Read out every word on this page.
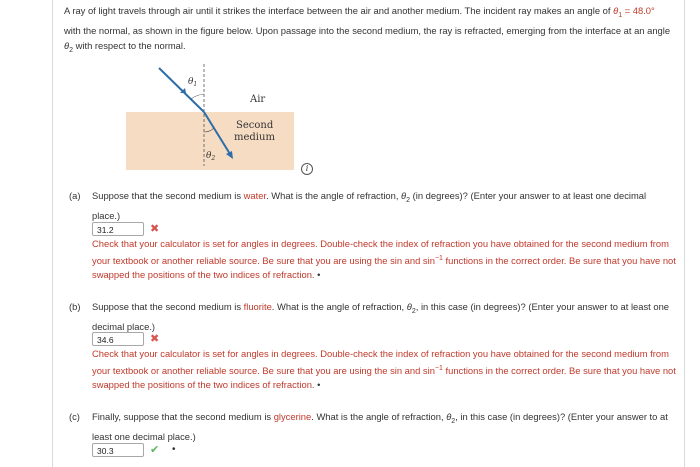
A ray of light travels through air until it strikes the interface between the air and another medium. The incident ray makes an angle of $\theta_1 = 48.0^\circ$ with the normal, as shown in the figure below. Upon passage into the second medium, the ray is refracted, emerging from the interface at an angle $\theta_2$ with respect to the normal.
$\theta_1$
$\theta_2$
Air
Second
medium
i
(a) Suppose that the second medium is water. What is the angle of refraction, $\theta_2$ (in degrees)? (Enter your answer to at least one decimal place.)
31.2	✖
Check that your calculator is set for angles in degrees. Double-check the index of refraction you have obtained for the second medium from your textbook or another reliable source. Be sure that you are using the sin and $\sin^{-1}$ functions in the correct order. Be sure that you have not swapped the positions of the two indices of refraction. •
(b) Suppose that the second medium is fluorite. What is the angle of refraction, $\theta_2$, in this case (in degrees)? (Enter your answer to at least one decimal place.)
34.6	✖
Check that your calculator is set for angles in degrees. Double-check the index of refraction you have obtained for the second medium from your textbook or another reliable source. Be sure that you are using the sin and $\sin^{-1}$ functions in the correct order. Be sure that you have not swapped the positions of the two indices of refraction. •
(c) Finally, suppose that the second medium is glycerine. What is the angle of refraction, $\theta_2$, in this case (in degrees)? (Enter your answer to at least one decimal place.)
30.3	✔ •
